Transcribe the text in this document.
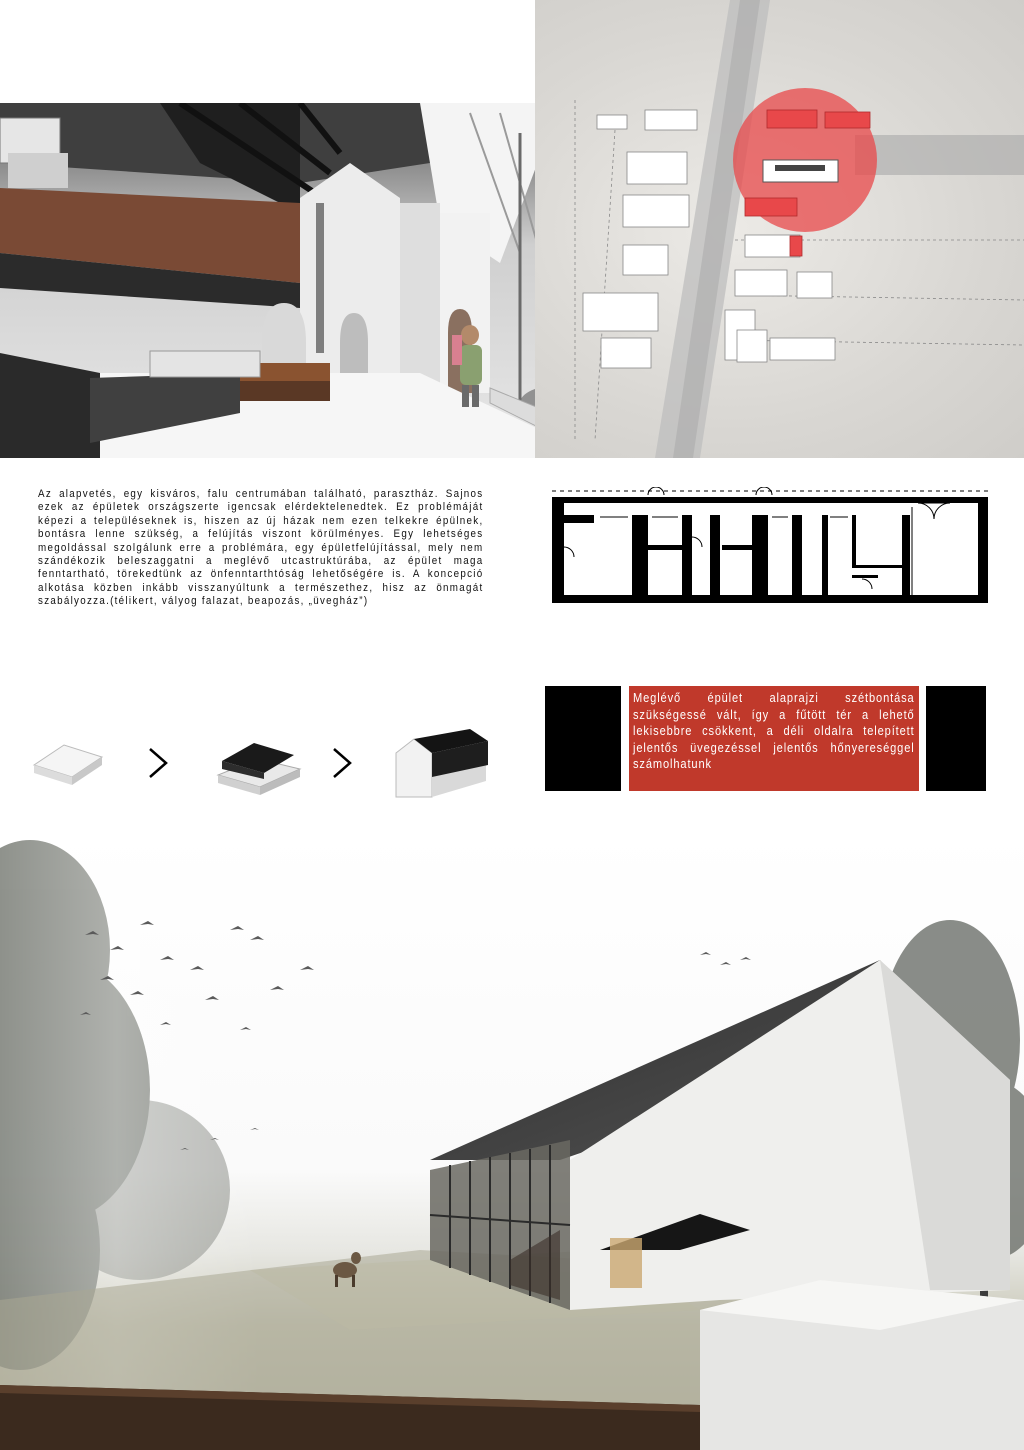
Az alapvetés, egy kisváros, falu centrumában található, parasztház. Sajnos ezek az épületek országszerte igencsak elérdektelenedtek. Ez problémáját képezi a településeknek is, hiszen az új házak nem ezen telkekre épülnek, bontásra lenne szükség, a felújítás viszont körülményes. Egy lehetséges megoldással szolgálunk erre a problémára, egy épületfelújítással, mely nem szándékozik beleszaggatni a meglévő utcastruktúrába, az épület maga fenntartható, törekedtünk az önfenntarthtóság lehetőségére is. A koncepció alkotása közben inkább visszanyúltunk a természethez, hisz az önmagát szabályozza.(télikert, vályog falazat, beapozás, „üvegház”)

Meglévő épület alaprajzi szétbontása szükségessé vált, így a fűtött tér a lehető lekisebbre csökkent, a déli oldalra telepített jelentős üvegezéssel jelentős hőnyereséggel számolhatunk
